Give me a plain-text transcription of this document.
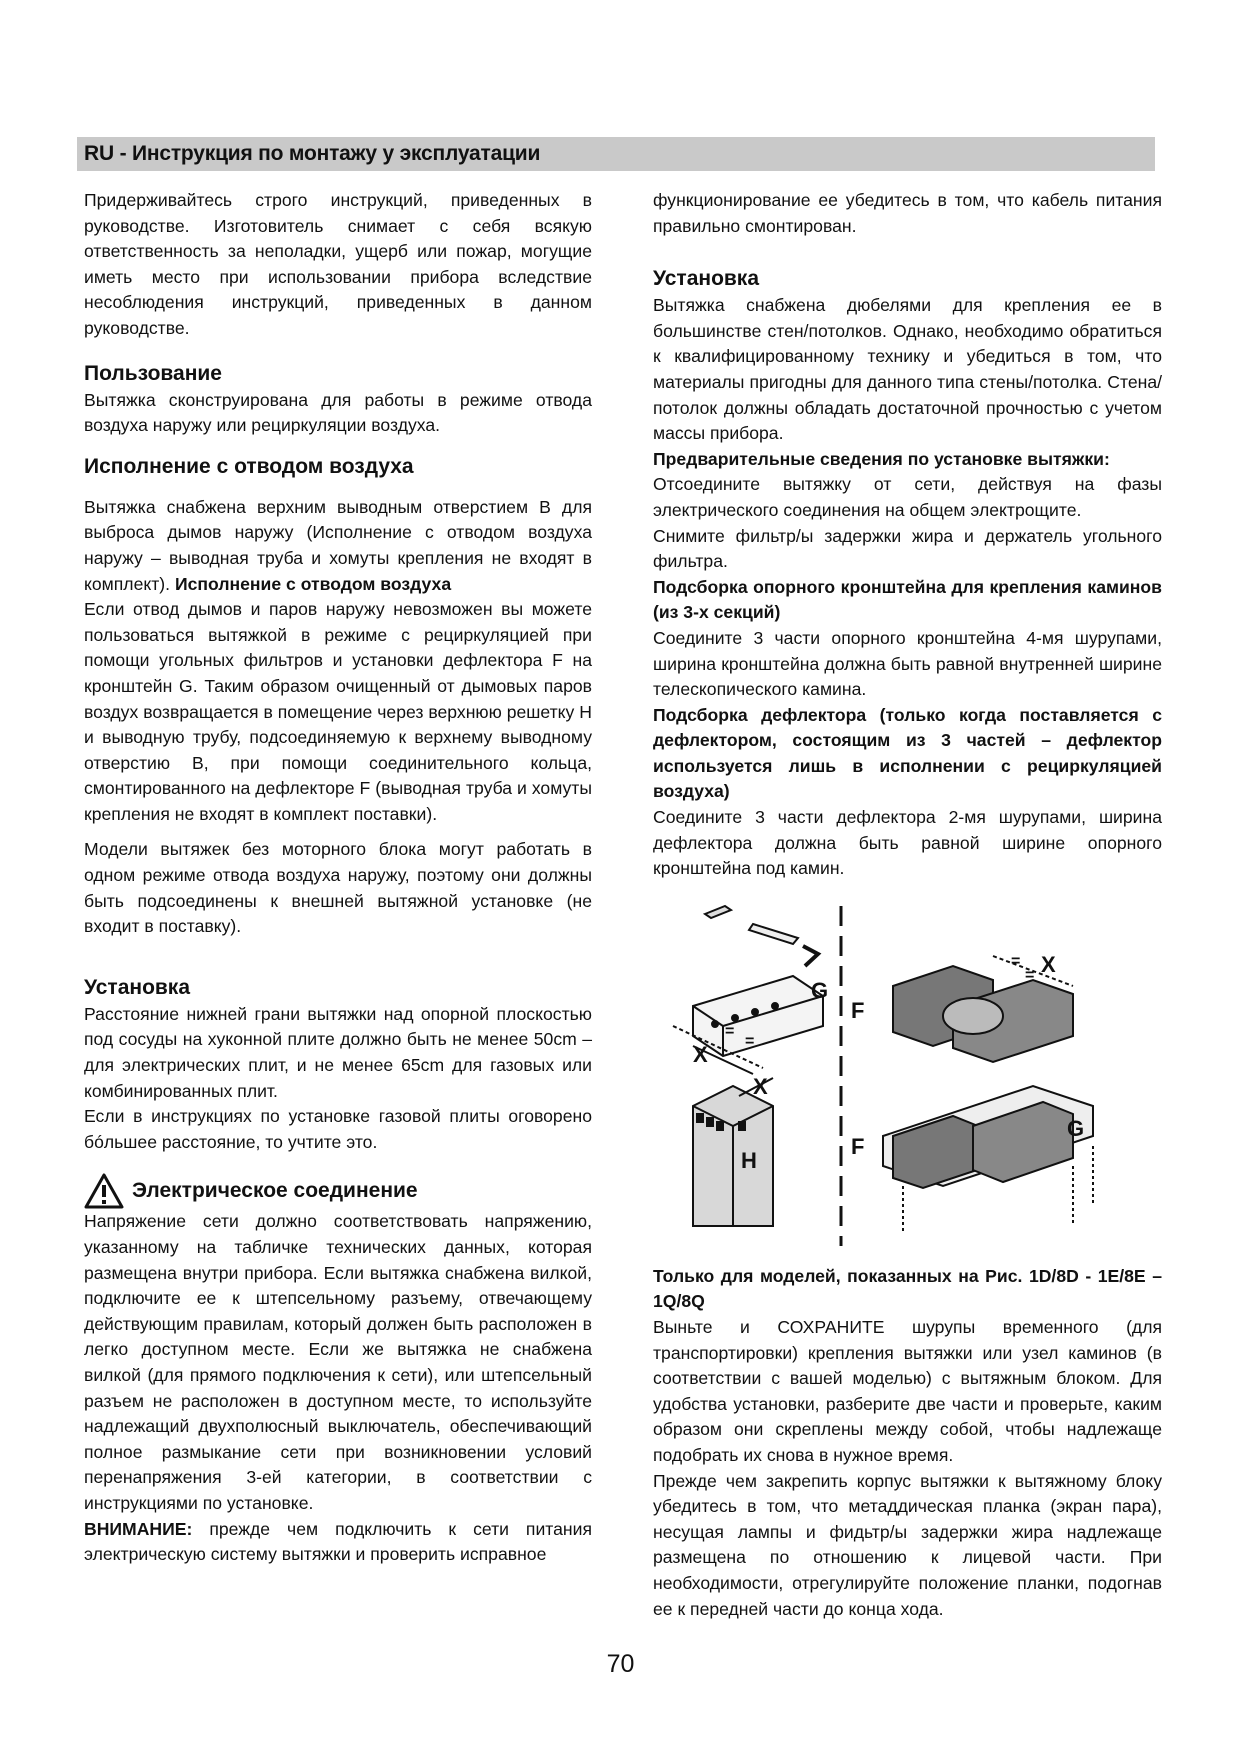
RU - Инструкция по монтажу у эксплуатации

Придерживайтесь строго инструкций, приведенных в руководстве. Изготовитель снимает с себя всякую ответственность за неполадки, ущерб или пожар, могущие иметь место при использовании прибора вследствие несоблюдения инструкций, приведенных в данном руководстве.

Пользование

Вытяжка сконструирована для работы в режиме отвода воздуха наружу или рециркуляции воздуха.

Исполнение с отводом воздуха

Вытяжка снабжена верхним выводным отверстием B для выброса дымов наружу (Исполнение с отводом воздуха наружу – выводная труба и хомуты крепления не входят в комплект). Исполнение с отводом воздуха

Если отвод дымов и паров наружу невозможен вы можете пользоваться вытяжкой в режиме с рециркуляцией при помощи угольных фильтров и установки дефлектора F на кронштейн G. Таким образом очищенный от дымовых паров воздух возвращается в помещение через верхнюю решетку H и выводную трубу, подсоединяемую к верхнему выводному отверстию B, при помощи соединительного кольца, смонтированного на дефлекторе F (выводная труба и хомуты крепления не входят в комплект поставки).

Модели вытяжек без моторного блока могут работать в одном режиме отвода воздуха наружу, поэтому они должны быть подсоединены к внешней вытяжной установке (не входит в поставку).

Установка

Расстояние нижней грани вытяжки над опорной плоскостью под сосуды на хуконной плите должно быть не менее 50cm – для электрических плит, и не менее 65cm для газовых или комбинированных плит.

Если в инструкциях по установке газовой плиты оговорено бóльшее расстояние, то учтите это.

Электрическое соединение

Напряжение сети должно соответствовать напряжению, указанному на табличке технических данных, которая размещена внутри прибора. Если вытяжка снабжена вилкой, подключите ее к штепсельному разъему, отвечающему действующим правилам, который должен быть расположен в легко доступном месте. Если же вытяжка не снабжена вилкой (для прямого подключения к сети), или штепсельный разъем не расположен в доступном месте, то используйте надлежащий двухполюсный выключатель, обеспечивающий полное размыкание сети при возникновении условий перенапряжения 3-ей категории, в соответствии с инструкциями по установке.

ВНИМАНИЕ: прежде чем подключить к сети питания электрическую систему вытяжки и проверить исправное

функционирование ее убедитесь в том, что кабель питания правильно смонтирован.

Установка

Вытяжка снабжена дюбелями для крепления ее в большинстве стен/потолков. Однако, необходимо обратиться к квалифицированному технику и убедиться в том, что материалы пригодны для данного типа стены/потолка. Стена/потолок должны обладать достаточной прочностью с учетом массы прибора.

Предварительные сведения по установке вытяжки:

Отсоедините вытяжку от сети, действуя на фазы электрического соединения на общем электрощите.

Снимите фильтр/ы задержки жира и держатель угольного фильтра.

Подсборка опорного кронштейна для крепления каминов (из 3-х секций)

Соедините 3 части опорного кронштейна 4-мя шурупами, ширина кронштейна должна быть равной внутренней ширине телескопического камина.

Подсборка дефлектора (только когда поставляется с дефлектором, состоящим из 3 частей – дефлектор используется лишь в исполнении с рециркуляцией воздуха)

Соедините 3 части дефлектора 2-мя шурупами, ширина дефлектора должна быть равной ширине опорного кронштейна под камин.

G
F
X
X
H
X
G
F
=
=
=
=

Только для моделей, показанных на Рис. 1D/8D - 1E/8E – 1Q/8Q

Выньте и СОХРАНИТЕ шурупы временного (для транспортировки) крепления вытяжки или узел каминов (в соответствии с вашей моделью) с вытяжным блоком. Для удобства установки, разберите две части и проверьте, каким образом они скреплены между собой, чтобы надлежаще подобрать их снова в нужное время.

Прежде чем закрепить корпус вытяжки к вытяжному блоку убедитесь в том, что метаддическая планка (экран пара), несущая лампы и фидьтр/ы задержки жира надлежаще размещена по отношению к лицевой части. При необходимости, отрегулируйте положение планки, подогнав ее к передней части до конца хода.

70
